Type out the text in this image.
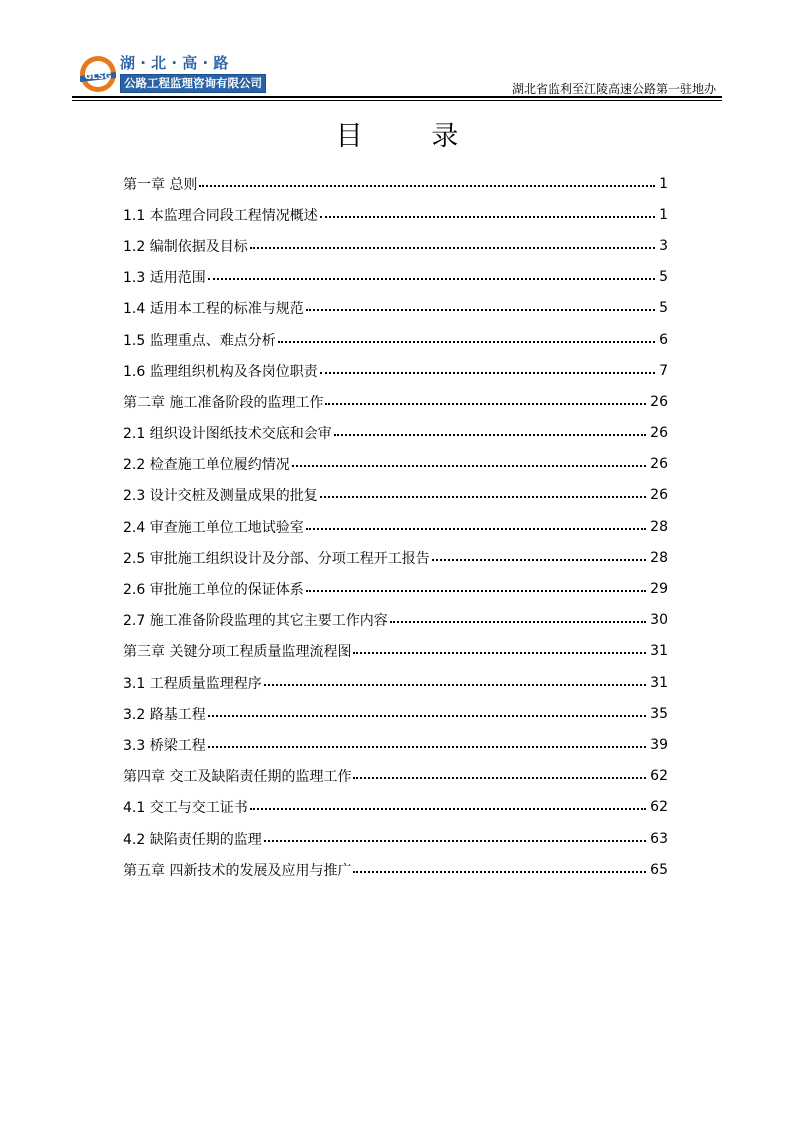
GLSG
湖 · 北 · 高 · 路
公路工程监理咨询有限公司	湖北省监利至江陵高速公路第一驻地办
目        录
第一章 总则	1
1.1 本监理合同段工程情况概述	1
1.2 编制依据及目标	3
1.3 适用范围	5
1.4 适用本工程的标准与规范	5
1.5 监理重点、难点分析	6
1.6 监理组织机构及各岗位职责	7
第二章 施工准备阶段的监理工作	26
2.1 组织设计图纸技术交底和会审	26
2.2 检查施工单位履约情况	26
2.3 设计交桩及测量成果的批复	26
2.4 审查施工单位工地试验室	28
2.5 审批施工组织设计及分部、分项工程开工报告	28
2.6 审批施工单位的保证体系	29
2.7 施工准备阶段监理的其它主要工作内容	30
第三章 关键分项工程质量监理流程图	31
3.1 工程质量监理程序	31
3.2 路基工程	35
3.3 桥梁工程	39
第四章 交工及缺陷责任期的监理工作	62
4.1 交工与交工证书	62
4.2 缺陷责任期的监理	63
第五章 四新技术的发展及应用与推广	65
